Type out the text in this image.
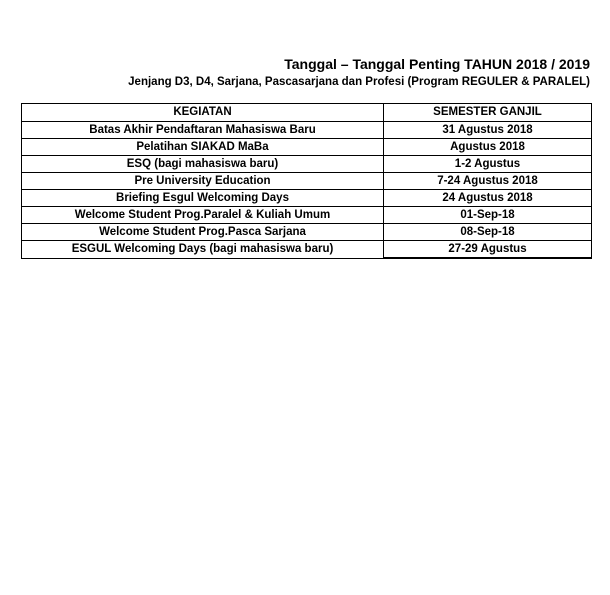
Tanggal – Tanggal Penting TAHUN 2018 / 2019
Jenjang D3, D4, Sarjana, Pascasarjana dan Profesi (Program REGULER & PARALEL)
KEGIATAN	SEMESTER GANJIL
Batas Akhir Pendaftaran Mahasiswa Baru	31 Agustus 2018
Pelatihan SIAKAD MaBa	Agustus 2018
ESQ (bagi mahasiswa baru)	1-2 Agustus
Pre University Education	7-24 Agustus 2018
Briefing Esgul Welcoming Days	24 Agustus 2018
Welcome Student Prog.Paralel & Kuliah Umum	01-Sep-18
Welcome Student Prog.Pasca Sarjana	08-Sep-18
ESGUL Welcoming Days (bagi mahasiswa baru)	27-29 Agustus
